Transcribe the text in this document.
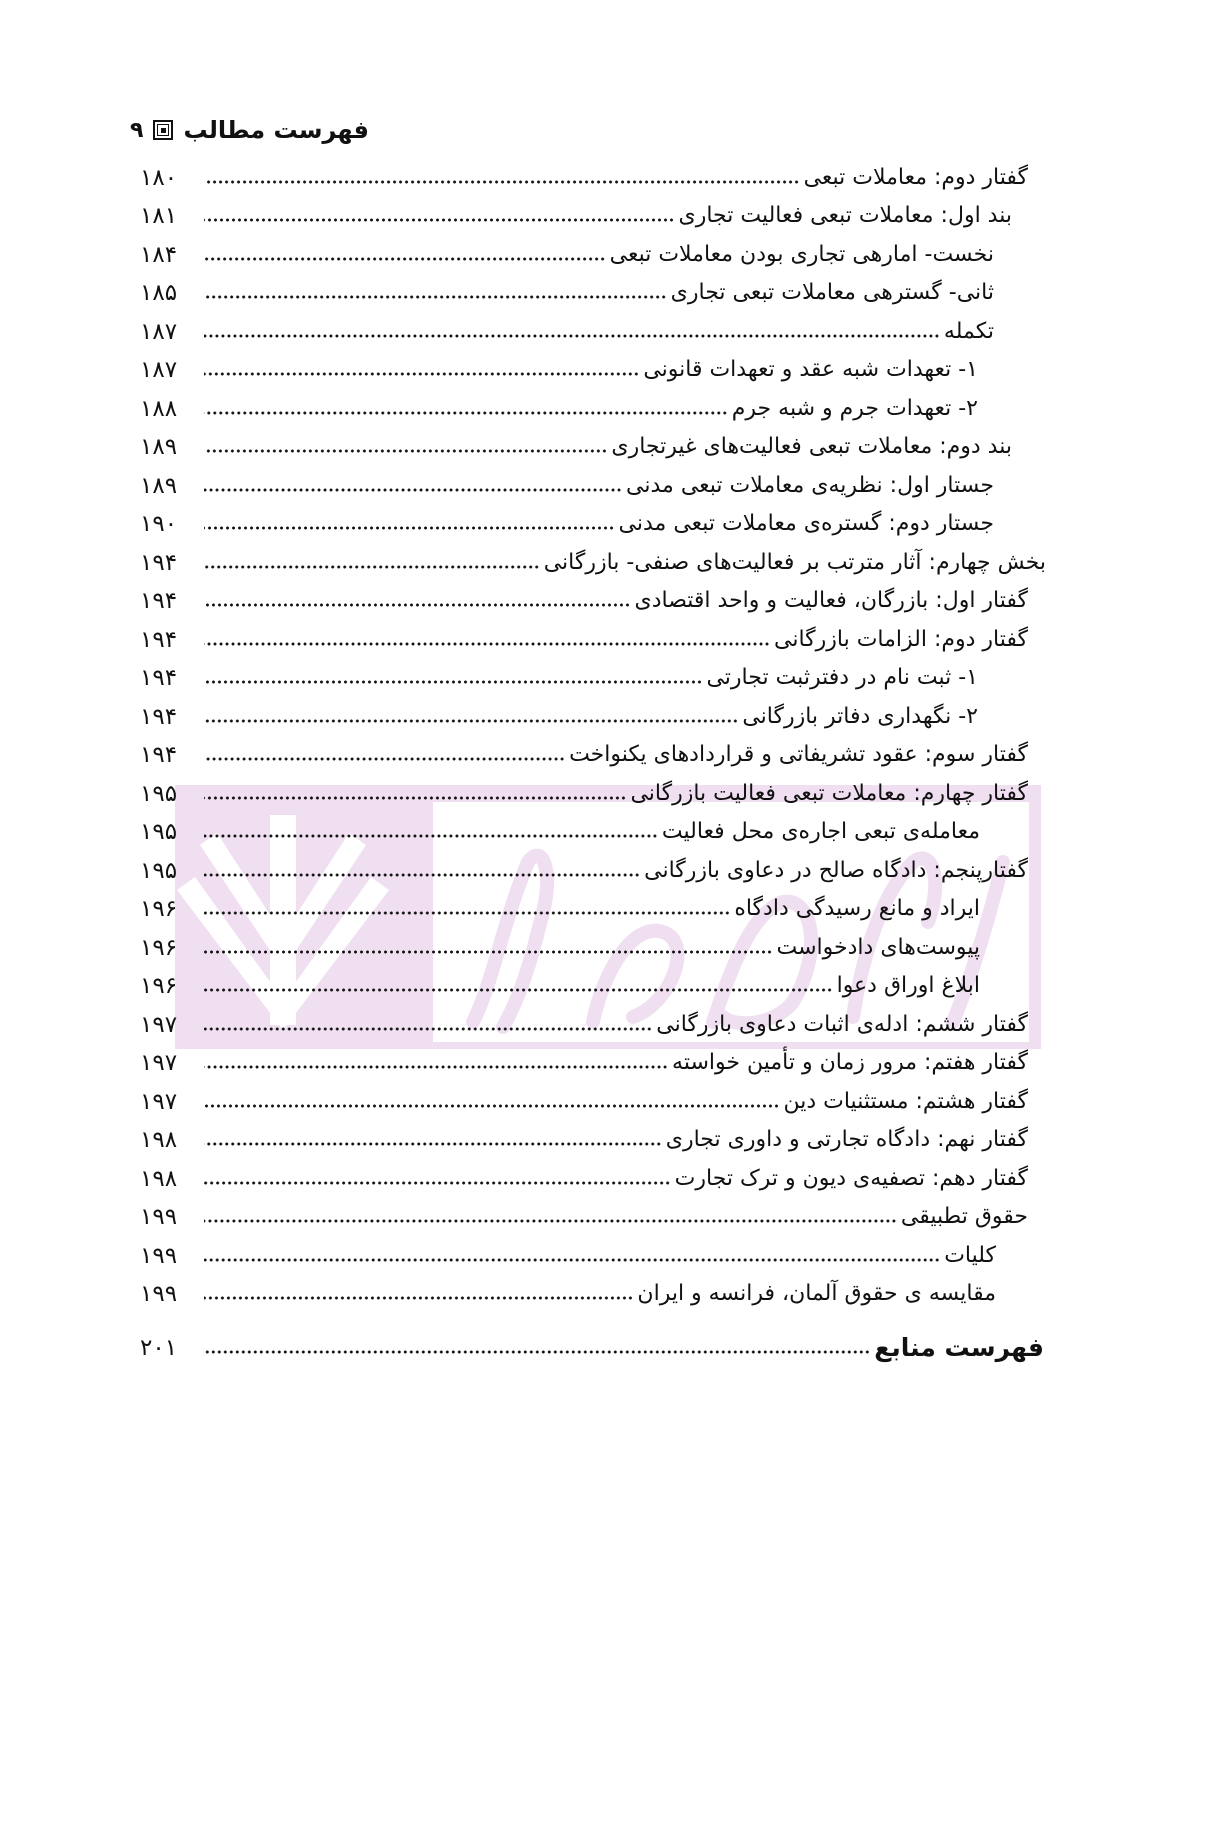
۹ فهرست مطالب
۱۸۰	گفتار دوم: معاملات تبعی
۱۸۱	بند اول: معاملات تبعی فعالیت تجاری
۱۸۴	نخست- امارهی تجاری بودن معاملات تبعی
۱۸۵	ثانی- گسترهی معاملات تبعی تجاری
۱۸۷	تکمله
۱۸۷	۱- تعهدات شبه عقد و تعهدات قانونی
۱۸۸	۲- تعهدات جرم و شبه جرم
۱۸۹	بند دوم: معاملات تبعی فعالیت‌های غیرتجاری
۱۸۹	جستار اول: نظریه‌ی معاملات تبعی مدنی
۱۹۰	جستار دوم: گستره‌ی معاملات تبعی مدنی
۱۹۴	بخش چهارم: آثار مترتب بر فعالیت‌های صنفی- بازرگانی
۱۹۴	گفتار اول: بازرگان، فعالیت و واحد اقتصادی
۱۹۴	گفتار دوم: الزامات بازرگانی
۱۹۴	۱- ثبت نام در دفترثبت تجارتی
۱۹۴	۲- نگهداری دفاتر بازرگانی
۱۹۴	گفتار سوم: عقود تشریفاتی و قراردادهای یکنواخت
۱۹۵	گفتار چهارم: معاملات تبعی فعالیت بازرگانی
۱۹۵	معامله‌ی تبعی اجاره‌ی محل فعالیت
۱۹۵	گفتارپنجم: دادگاه صالح در دعاوی بازرگانی
۱۹۶	ایراد و مانع رسیدگی دادگاه
۱۹۶	پیوست‌های دادخواست
۱۹۶	ابلاغ اوراق دعوا
۱۹۷	گفتار ششم: ادله‌ی اثبات دعاوی بازرگانی
۱۹۷	گفتار هفتم: مرور زمان و تأمین خواسته
۱۹۷	گفتار هشتم: مستثنیات دین
۱۹۸	گفتار نهم: دادگاه تجارتی و داوری تجاری
۱۹۸	گفتار دهم: تصفیه‌ی دیون و ترک تجارت
۱۹۹	حقوق تطبیقی
۱۹۹	کلیات
۱۹۹	مقایسه ی حقوق آلمان، فرانسه و ایران
۲۰۱	فهرست منابع
